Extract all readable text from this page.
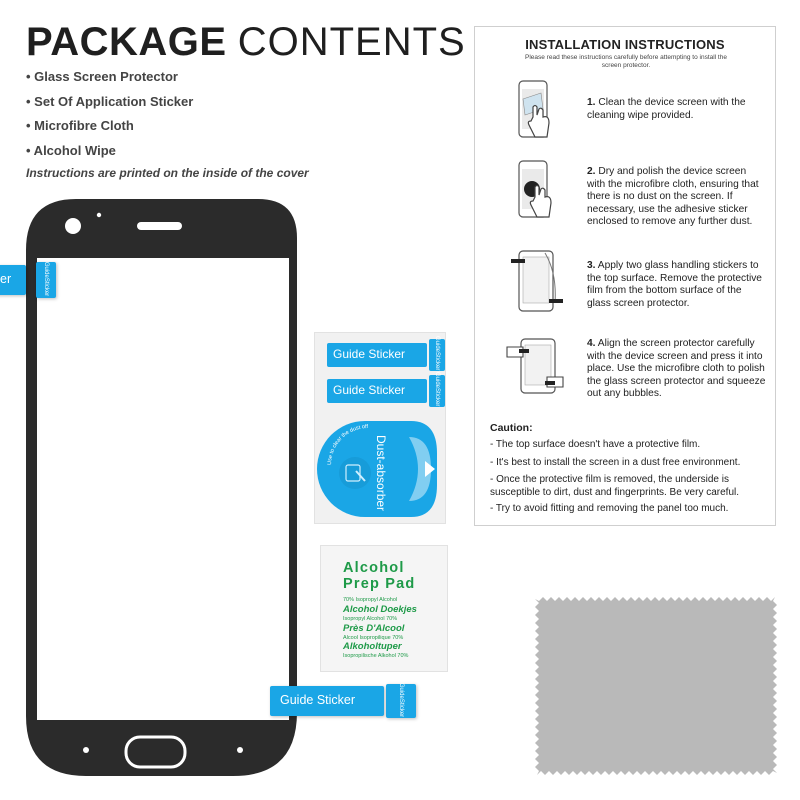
PACKAGE CONTENTS
• Glass Screen Protector
• Set Of Application Sticker
• Microfibre Cloth
• Alcohol Wipe
Instructions are printed on the inside of the cover
er	GuideSticker
Guide Sticker	GuideSticker
Guide Sticker	GuideSticker
Dust-absorber
Use to clear the dust off
Alcohol
Prep Pad
70% Isopropyl Alcohol
Alcohol Doekjes
Isopropyl Alcohol 70%
Près D'Alcool
Alcool Isopropilique 70%
Alkoholtuper
Isopropilische Alkohol 70%
Guide Sticker	GuideSticker
INSTALLATION INSTRUCTIONS
Please read these instructions carefully before attempting to install the screen protector.
1. Clean the device screen with the cleaning wipe provided.
2. Dry and polish the device screen with the microfibre cloth, ensuring that there is no dust on the screen. If necessary, use the adhesive sticker enclosed to remove any further dust.
3. Apply two glass handling stickers to the top surface. Remove the protective film from the bottom surface of the glass screen protector.
4. Align the screen protector carefully with the device screen and press it into place. Use the microfibre cloth to polish the glass screen protector and squeeze out any bubbles.
Caution:
- The top surface doesn't have a protective film.
- It's best to install the screen in a dust free environment.
- Once the protective film is removed, the underside is susceptible to dirt, dust and fingerprints. Be very careful.
- Try to avoid fitting and removing the panel too much.
